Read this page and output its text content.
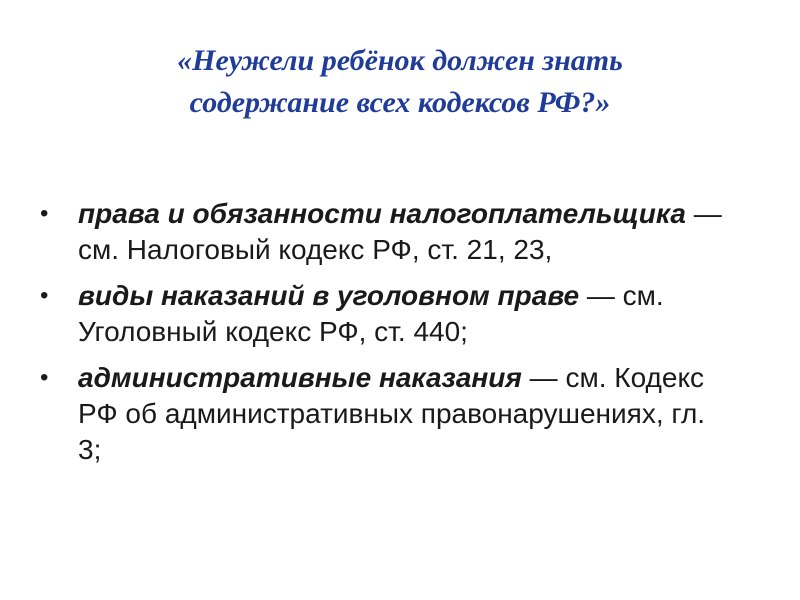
«Неужели ребёнок должен знать
содержание всех кодексов РФ?»
• права и обязанности налогоплательщика — см. Налоговый кодекс РФ, ст. 21, 23,
• виды наказаний в уголовном праве — см. Уголовный кодекс РФ, ст. 440;
• административные наказания — см. Кодекс РФ об административных правонарушениях, гл. 3;
